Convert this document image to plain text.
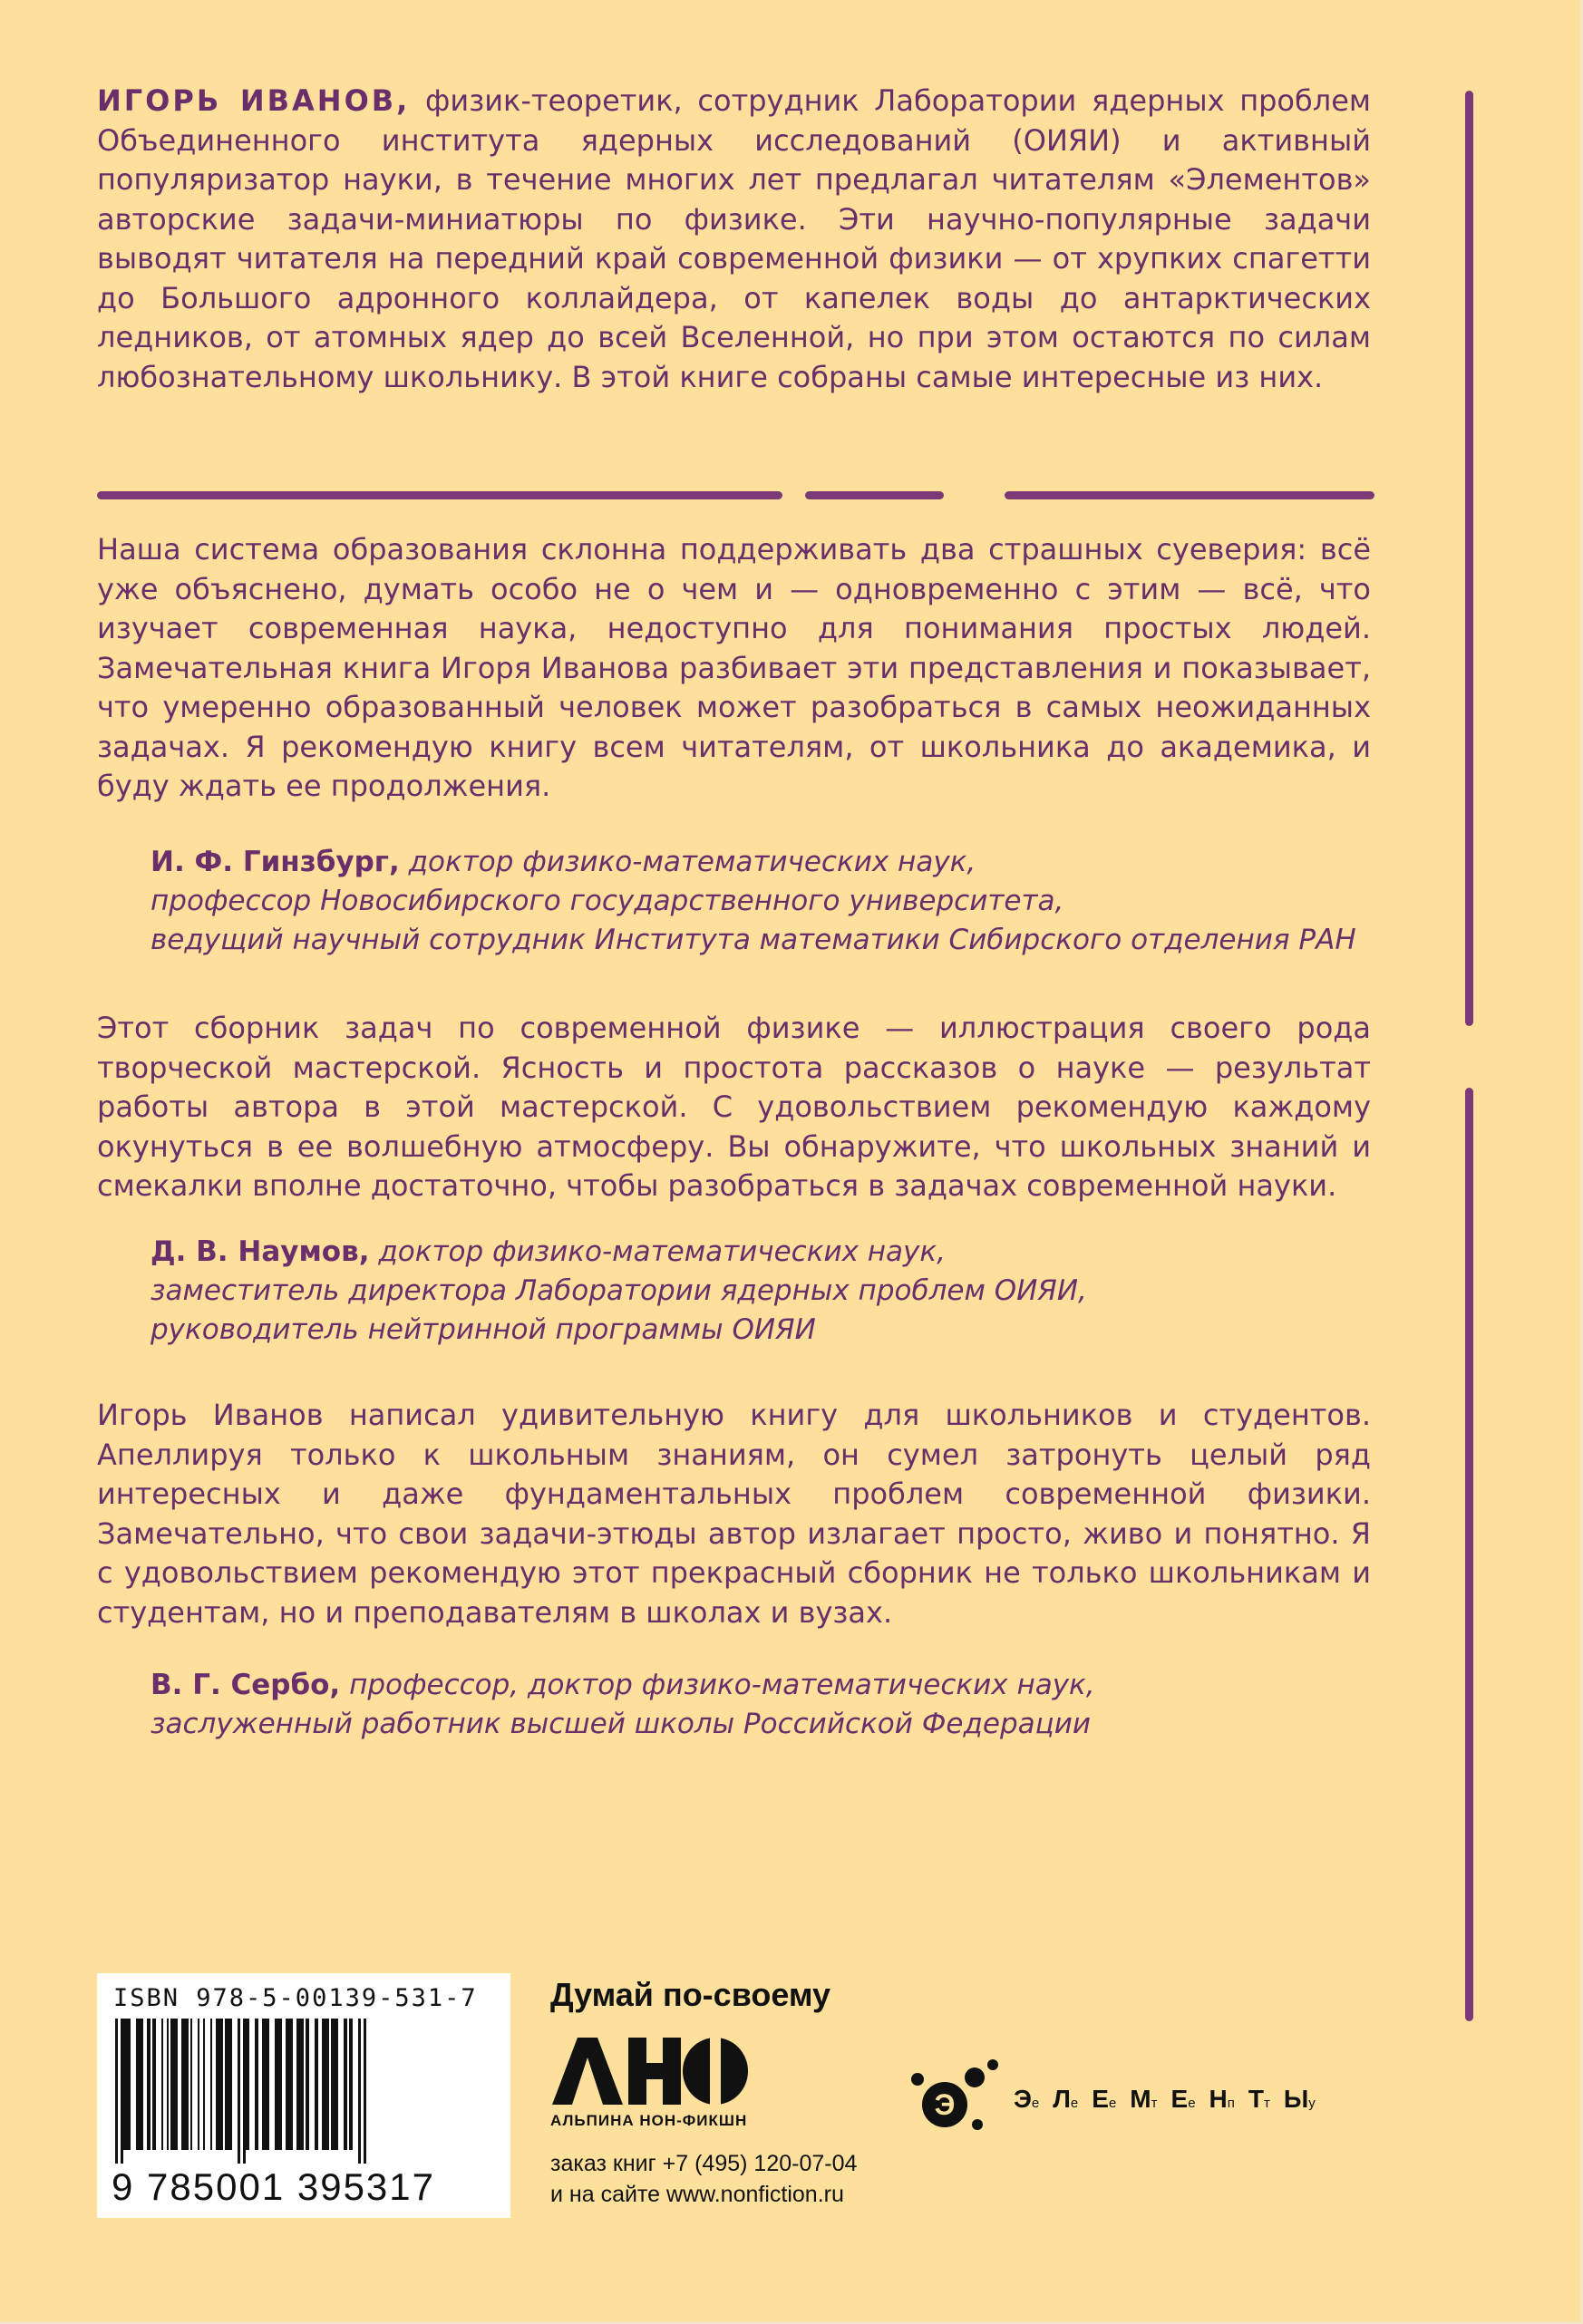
ИГОРЬ ИВАНОВ, физик-теоретик, сотрудник Лаборатории ядерных проблем Объединенного института ядерных исследований (ОИЯИ) и активный популяризатор науки, в течение многих лет предлагал читателям «Элементов» авторские задачи-миниатюры по физике. Эти научно-популярные задачи выводят читателя на передний край современной физики — от хрупких спагетти до Большого адронного коллайдера, от капелек воды до антарктических ледников, от атомных ядер до всей Вселенной, но при этом остаются по силам любознательному школьнику. В этой книге собраны самые интересные из них.

Наша система образования склонна поддерживать два страшных суеверия: всё уже объяснено, думать особо не о чем и — одновременно с этим — всё, что изучает современная наука, недоступно для понимания простых людей. Замечательная книга Игоря Иванова разбивает эти представления и показывает, что умеренно образованный человек может разобраться в самых неожиданных задачах. Я рекомендую книгу всем читателям, от школьника до академика, и буду ждать ее продолжения.

И. Ф. Гинзбург, доктор физико-математических наук,
профессор Новосибирского государственного университета,
ведущий научный сотрудник Института математики Сибирского отделения РАН

Этот сборник задач по современной физике — иллюстрация своего рода творческой мастерской. Ясность и простота рассказов о науке — результат работы автора в этой мастерской. С удовольствием рекомендую каждому окунуться в ее волшебную атмосферу. Вы обнаружите, что школьных знаний и смекалки вполне достаточно, чтобы разобраться в задачах современной науки.

Д. В. Наумов, доктор физико-математических наук,
заместитель директора Лаборатории ядерных проблем ОИЯИ,
руководитель нейтринной программы ОИЯИ

Игорь Иванов написал удивительную книгу для школьников и студентов. Апеллируя только к школьным знаниям, он сумел затронуть целый ряд интересных и даже фундаментальных проблем современной физики. Замечательно, что свои задачи-этюды автор излагает просто, живо и понятно. Я с удовольствием рекомендую этот прекрасный сборник не только школьникам и студентам, но и преподавателям в школах и вузах.

В. Г. Сербо, профессор, доктор физико-математических наук,
заслуженный работник высшей школы Российской Федерации

ISBN 978-5-00139-531-7
9 785001 395317

Думай по-своему

АЛЬПИНА НОН-ФИКШН

заказ книг +7 (495) 120-07-04
и на сайте www.nonfiction.ru

Э Эе Ле Ее Мт Ее Нп Тт Ыу
